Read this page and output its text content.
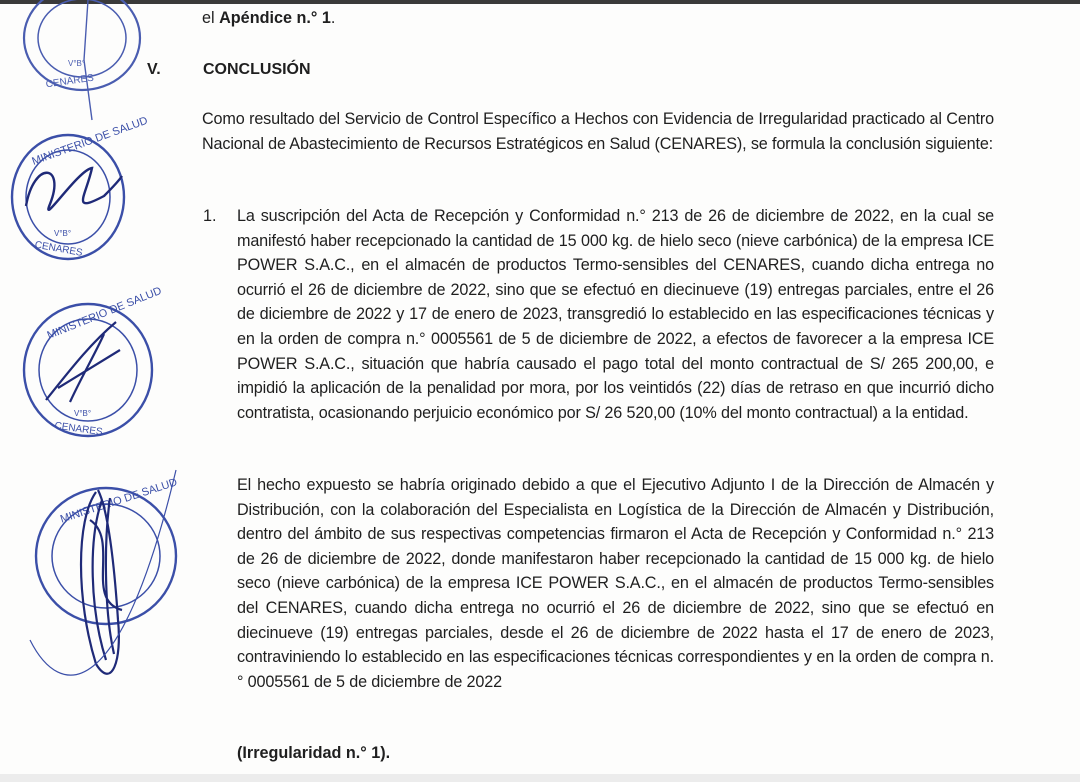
V°B°
CENARES
MINISTERIO DE SALUD
V°B°
CENARES
MINISTERIO DE SALUD
V°B°
CENARES
MINISTERIO DE SALUD
el Apéndice n.° 1.
V.	CONCLUSIÓN

Como resultado del Servicio de Control Específico a Hechos con Evidencia de Irregularidad practicado al Centro Nacional de Abastecimiento de Recursos Estratégicos en Salud (CENARES), se formula la conclusión siguiente:

1. La suscripción del Acta de Recepción y Conformidad n.° 213 de 26 de diciembre de 2022, en la cual se manifestó haber recepcionado la cantidad de 15 000 kg. de hielo seco (nieve carbónica) de la empresa ICE POWER S.A.C., en el almacén de productos Termo-sensibles del CENARES, cuando dicha entrega no ocurrió el 26 de diciembre de 2022, sino que se efectuó en diecinueve (19) entregas parciales, entre el 26 de diciembre de 2022 y 17 de enero de 2023, transgredió lo establecido en las especificaciones técnicas y en la orden de compra n.° 0005561 de 5 de diciembre de 2022, a efectos de favorecer a la empresa ICE POWER S.A.C., situación que habría causado el pago total del monto contractual de S/ 265 200,00, e impidió la aplicación de la penalidad por mora, por los veintidós (22) días de retraso en que incurrió dicho contratista, ocasionando perjuicio económico por S/ 26 520,00 (10% del monto contractual) a la entidad.

El hecho expuesto se habría originado debido a que el Ejecutivo Adjunto I de la Dirección de Almacén y Distribución, con la colaboración del Especialista en Logística de la Dirección de Almacén y Distribución, dentro del ámbito de sus respectivas competencias firmaron el Acta de Recepción y Conformidad n.° 213 de 26 de diciembre de 2022, donde manifestaron haber recepcionado la cantidad de 15 000 kg. de hielo seco (nieve carbónica) de la empresa ICE POWER S.A.C., en el almacén de productos Termo-sensibles del CENARES, cuando dicha entrega no ocurrió el 26 de diciembre de 2022, sino que se efectuó en diecinueve (19) entregas parciales, desde el 26 de diciembre de 2022 hasta el 17 de enero de 2023, contraviniendo lo establecido en las especificaciones técnicas correspondientes y en la orden de compra n.° 0005561 de 5 de diciembre de 2022

(Irregularidad n.° 1).
